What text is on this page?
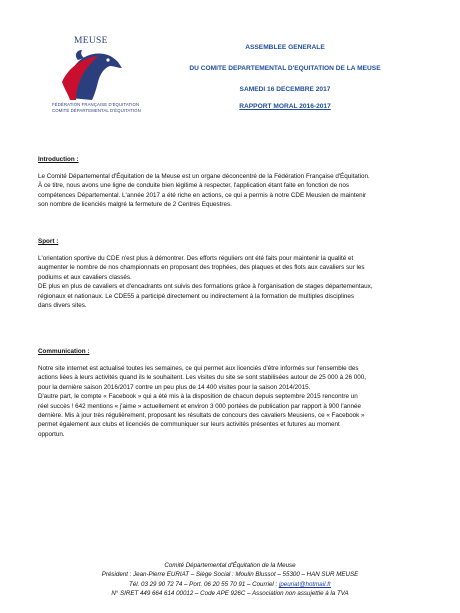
MEUSE
FÉDÉRATION FRANÇAISE D'ÉQUITATION
COMITÉ DÉPARTEMENTAL D'ÉQUITATION
ASSEMBLEE GENERALE
DU COMITE DEPARTEMENTAL D'EQUITATION DE LA MEUSE
SAMEDI 16 DECEMBRE 2017
RAPPORT MORAL 2016-2017
Introduction :
Le Comité Départemental d'Équitation de la Meuse est un organe déconcentré de la Fédération Française d'Équitation.
À ce titre, nous avons une ligne de conduite bien légitime à respecter, l'application étant faite en fonction de nos
compétences Départemental. L'année 2017 a été riche en actions, ce qui a permis à notre CDE Meusien de maintenir
son nombre de licenciés malgré la fermeture de 2 Centres Equestres.
Sport :
L'orientation sportive du CDE n'est plus à démontrer. Des efforts réguliers ont été faits pour maintenir la qualité et
augmenter le nombre de nos championnats en proposant des trophées, des plaques et des flots aux cavaliers sur les
podiums et aux cavaliers classés.
DE plus en plus de cavaliers et d'encadrants ont suivis des formations grâce à l'organisation de stages départementaux,
régionaux et nationaux. Le CDE55 a participé directement ou indirectement à la formation de multiples disciplines
dans divers sites.
Communication :
Notre site internet est actualisé toutes les semaines, ce qui permet aux licenciés d'être informés sur l'ensemble des
actions liées à leurs activités quand ils le souhaitent. Les visites du site se sont stabilisées autour de 25 000 à 26 000,
pour la dernière saison 2016/2017 contre un peu plus de 14 400 visites pour la saison 2014/2015.
D'autre part, le compte « Facebook » qui a été mis à la disposition de chacun depuis septembre 2015 rencontre un
réel succès ! 642 mentions « j'aime » actuellement et environ 3 000 portées de publication par rapport à 900 l'année
dernière. Mis à jour très régulièrement, proposant les résultats de concours des cavaliers Meusiens, ce « Facebook »
permet également aux clubs et licenciés de communiquer sur leurs activités présentes et futures au moment
opportun.
Comité Départemental d'Équitation de la Meuse
Président : Jean-Pierre EURIAT – Siège Social : Moulin Blussot – 55300 – HAN SUR MEUSE
Tél. 03 29 90 72 74 – Port. 06 20 55 70 91 – Courriel : jpeuriat@hotmail.fr
N° SIRET 449 664 614 00012 – Code APE 926C – Association non assujettie à la TVA
